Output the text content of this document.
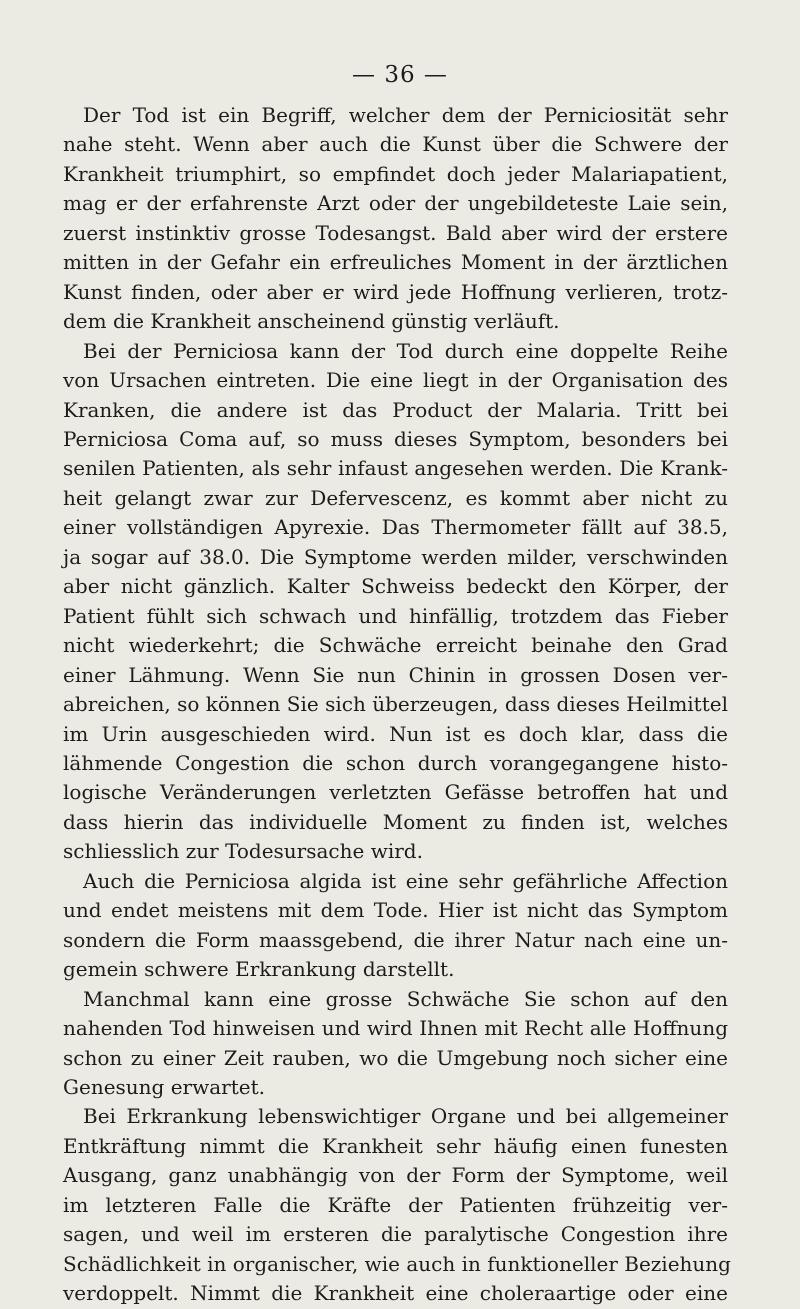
— 36 —
Der Tod ist ein Begriff, welcher dem der Perniciosität sehr
nahe steht. Wenn aber auch die Kunst über die Schwere der
Krankheit triumphirt, so empfindet doch jeder Malariapatient,
mag er der erfahrenste Arzt oder der ungebildeteste Laie sein,
zuerst instinktiv grosse Todesangst. Bald aber wird der erstere
mitten in der Gefahr ein erfreuliches Moment in der ärztlichen
Kunst finden, oder aber er wird jede Hoffnung verlieren, trotz-
dem die Krankheit anscheinend günstig verläuft.
Bei der Perniciosa kann der Tod durch eine doppelte Reihe
von Ursachen eintreten. Die eine liegt in der Organisation des
Kranken, die andere ist das Product der Malaria. Tritt bei
Perniciosa Coma auf, so muss dieses Symptom, besonders bei
senilen Patienten, als sehr infaust angesehen werden. Die Krank-
heit gelangt zwar zur Defervescenz, es kommt aber nicht zu
einer vollständigen Apyrexie. Das Thermometer fällt auf 38.5,
ja sogar auf 38.0. Die Symptome werden milder, verschwinden
aber nicht gänzlich. Kalter Schweiss bedeckt den Körper, der
Patient fühlt sich schwach und hinfällig, trotzdem das Fieber
nicht wiederkehrt; die Schwäche erreicht beinahe den Grad
einer Lähmung. Wenn Sie nun Chinin in grossen Dosen ver-
abreichen, so können Sie sich überzeugen, dass dieses Heilmittel
im Urin ausgeschieden wird. Nun ist es doch klar, dass die
lähmende Congestion die schon durch vorangegangene histo-
logische Veränderungen verletzten Gefässe betroffen hat und
dass hierin das individuelle Moment zu finden ist, welches
schliesslich zur Todesursache wird.
Auch die Perniciosa algida ist eine sehr gefährliche Affection
und endet meistens mit dem Tode. Hier ist nicht das Symptom
sondern die Form maassgebend, die ihrer Natur nach eine un-
gemein schwere Erkrankung darstellt.
Manchmal kann eine grosse Schwäche Sie schon auf den
nahenden Tod hinweisen und wird Ihnen mit Recht alle Hoffnung
schon zu einer Zeit rauben, wo die Umgebung noch sicher eine
Genesung erwartet.
Bei Erkrankung lebenswichtiger Organe und bei allgemeiner
Entkräftung nimmt die Krankheit sehr häufig einen funesten
Ausgang, ganz unabhängig von der Form der Symptome, weil
im letzteren Falle die Kräfte der Patienten frühzeitig ver-
sagen, und weil im ersteren die paralytische Congestion ihre
Schädlichkeit in organischer, wie auch in funktioneller Beziehung
verdoppelt. Nimmt die Krankheit eine choleraartige oder eine
